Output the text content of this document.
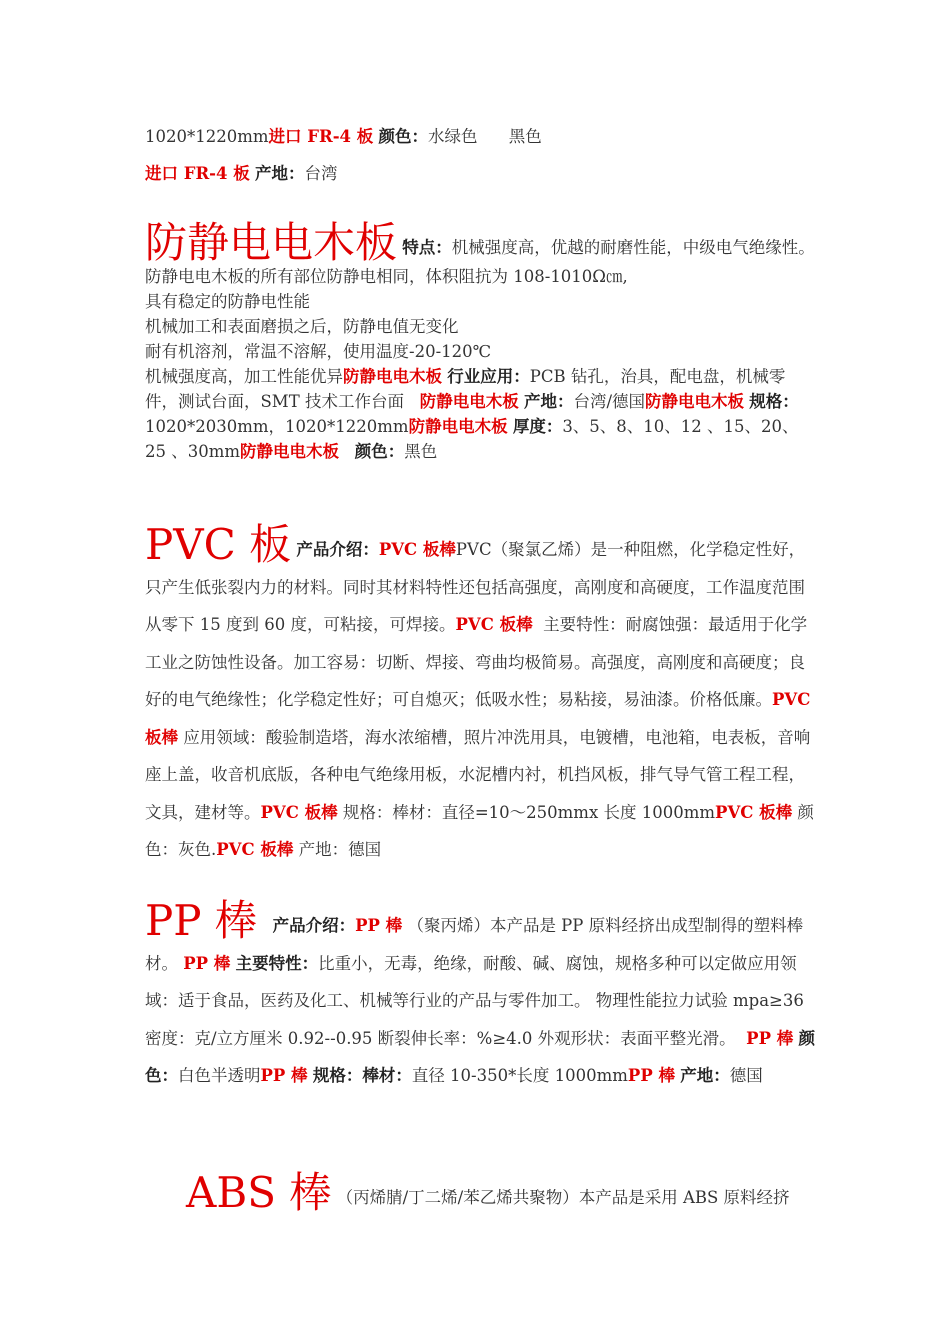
1020*1220mm进口 FR-4 板 颜色：水绿色 黑色
进口 FR-4 板 产地：台湾
防静电电木板 特点：机械强度高，优越的耐磨性能，中级电气绝缘性。
防静电电木板的所有部位防静电相同，体积阻抗为 108-1010Ω㎝,
具有稳定的防静电性能
机械加工和表面磨损之后，防静电值无变化
耐有机溶剂，常温不溶解，使用温度-20-120℃
机械强度高，加工性能优异防静电电木板 行业应用：PCB 钻孔，治具，配电盘，机械零件，测试台面，SMT 技术工作台面 防静电电木板 产地：台湾/德国防静电电木板 规格：1020*2030mm，1020*1220mm防静电电木板 厚度：3、5、8、10、12 、15、20、25 、30mm防静电电木板 颜色：黑色
PVC 板 产品介绍：PVC 板棒PVC（聚氯乙烯）是一种阻燃，化学稳定性好，只产生低张裂内力的材料。同时其材料特性还包括高强度，高刚度和高硬度，工作温度范围从零下 15 度到 60 度，可粘接，可焊接。PVC 板棒 主要特性：耐腐蚀强：最适用于化学工业之防蚀性设备。加工容易：切断、焊接、弯曲均极简易。高强度，高刚度和高硬度；良好的电气绝缘性；化学稳定性好；可自熄灭；低吸水性；易粘接，易油漆。价格低廉。PVC 板棒 应用领域：酸验制造塔，海水浓缩槽，照片冲洗用具，电镀槽，电池箱，电表板，音响座上盖，收音机底版，各种电气绝缘用板，水泥槽内衬，机挡风板，排气导气管工程工程，文具，建材等。PVC 板棒 规格：棒材：直径=10～250mmx 长度 1000mmPVC 板棒 颜色：灰色.PVC 板棒 产地：德国
PP 棒 产品介绍：PP 棒 （聚丙烯）本产品是 PP 原料经挤出成型制得的塑料棒材。 PP 棒 主要特性：比重小，无毒，绝缘，耐酸、碱、腐蚀，规格多种可以定做应用领域：适于食品，医药及化工、机械等行业的产品与零件加工。 物理性能拉力试验 mpa≥36 密度：克/立方厘米 0.92--0.95 断裂伸长率：%≥4.0 外观形状：表面平整光滑。 PP 棒 颜色：白色半透明PP 棒 规格：棒材：直径 10-350*长度 1000mmPP 棒 产地：德国
ABS 棒 （丙烯腈/丁二烯/苯乙烯共聚物）本产品是采用 ABS 原料经挤
